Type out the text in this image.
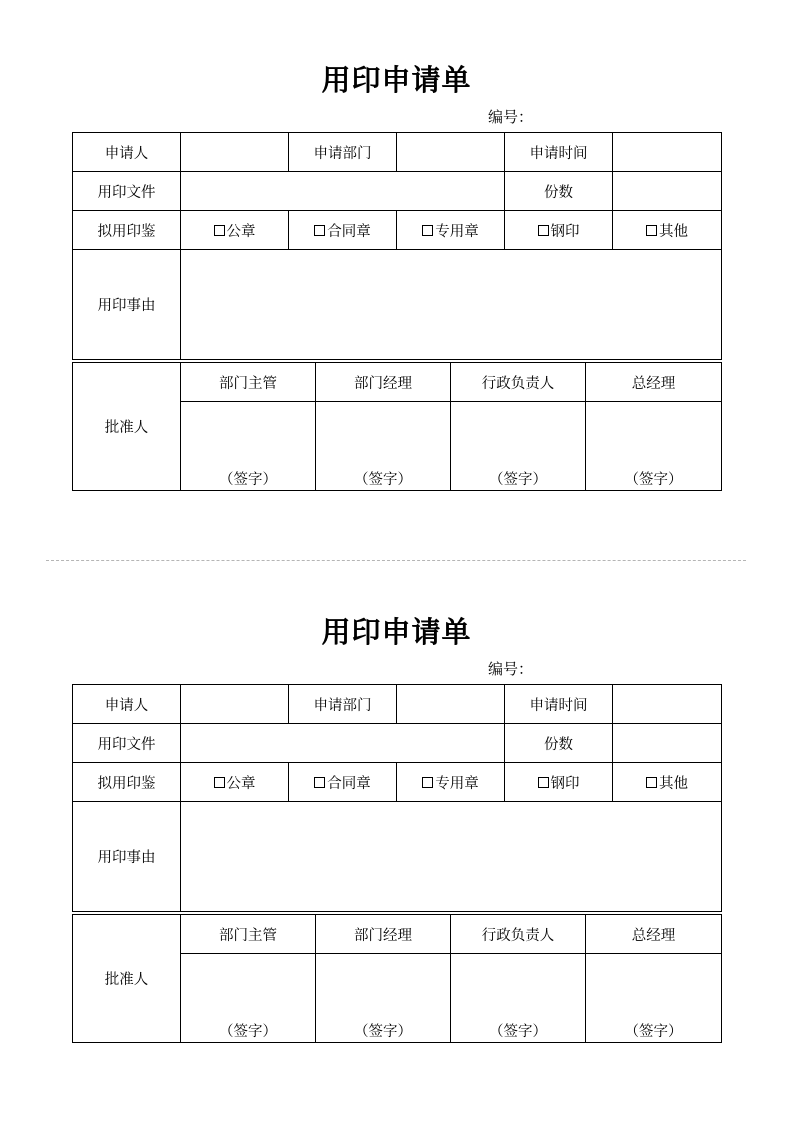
用印申请单
编号：
申请人		申请部门		申请时间	
用印文件				份数	
拟用印鉴	公章	合同章	专用章	钢印	其他
用印事由					
批准人	部门主管	部门经理	行政负责人	总经理

	（签字）	（签字）	（签字）	（签字）
用印申请单
编号：
申请人		申请部门		申请时间	
用印文件				份数	
拟用印鉴	公章	合同章	专用章	钢印	其他
用印事由					
批准人	部门主管	部门经理	行政负责人	总经理

	（签字）	（签字）	（签字）	（签字）
